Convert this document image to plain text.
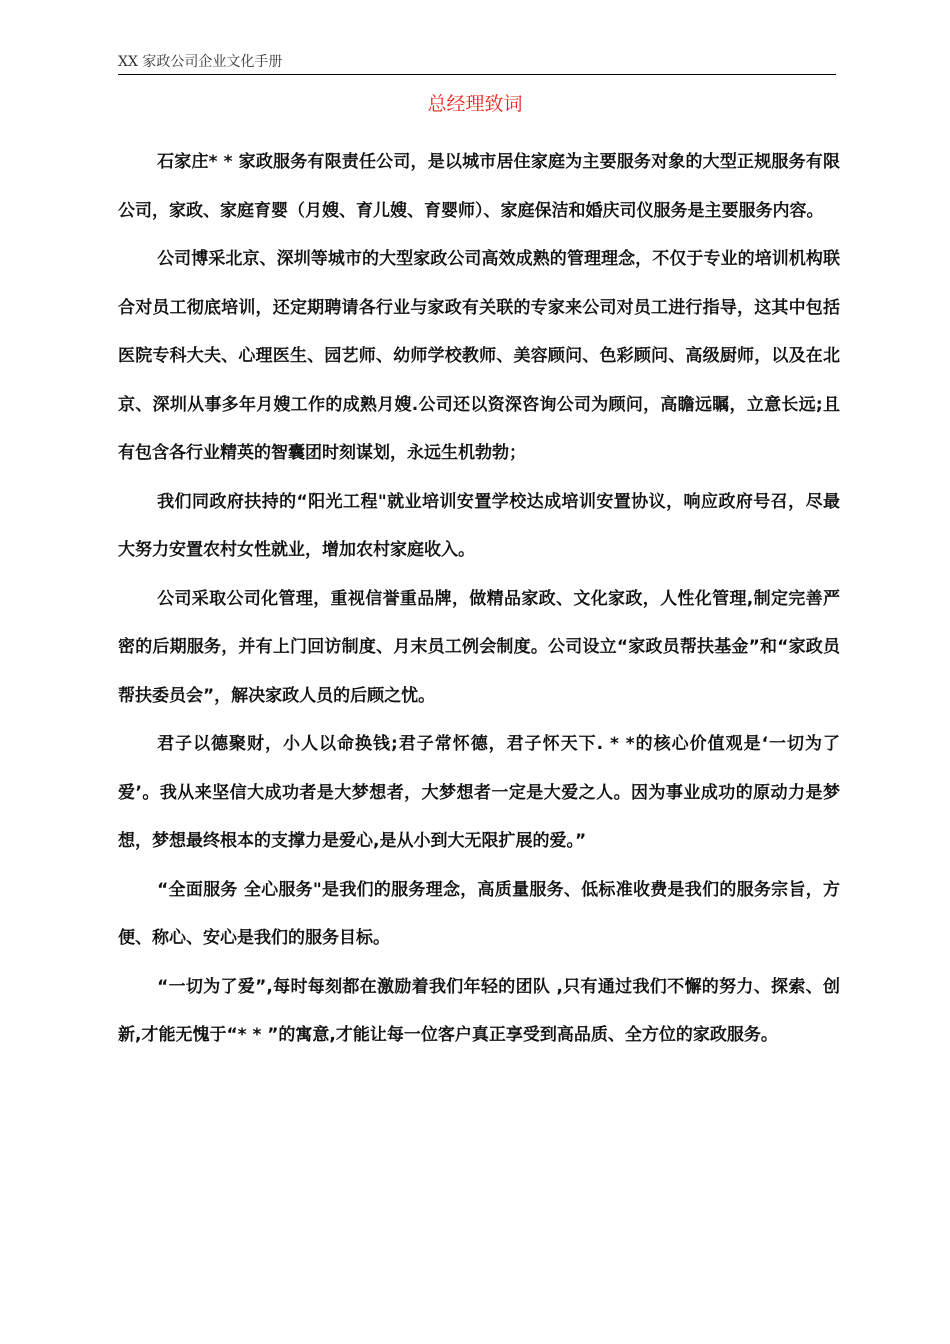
XX 家政公司企业文化手册
总经理致词

石家庄* * 家政服务有限责任公司，是以城市居住家庭为主要服务对象的大型正规服务有限公司，家政、家庭育婴（月嫂、育儿嫂、育婴师）、家庭保洁和婚庆司仪服务是主要服务内容。

公司博采北京、深圳等城市的大型家政公司高效成熟的管理理念，不仅于专业的培训机构联合对员工彻底培训，还定期聘请各行业与家政有关联的专家来公司对员工进行指导，这其中包括医院专科大夫、心理医生、园艺师、幼师学校教师、美容顾问、色彩顾问、高级厨师，以及在北京、深圳从事多年月嫂工作的成熟月嫂.公司还以资深咨询公司为顾问，高瞻远瞩，立意长远;且有包含各行业精英的智囊团时刻谋划，永远生机勃勃；

我们同政府扶持的“阳光工程"就业培训安置学校达成培训安置协议，响应政府号召，尽最大努力安置农村女性就业，增加农村家庭收入。

公司采取公司化管理，重视信誉重品牌，做精品家政、文化家政，人性化管理,制定完善严密的后期服务，并有上门回访制度、月末员工例会制度。公司设立“家政员帮扶基金”和“家政员帮扶委员会”，解决家政人员的后顾之忧。

君子以德聚财，小人以命换钱;君子常怀德，君子怀天下. * *的核心价值观是‘一切为了爱’。我从来坚信大成功者是大梦想者，大梦想者一定是大爱之人。因为事业成功的原动力是梦想，梦想最终根本的支撑力是爱心,是从小到大无限扩展的爱。”

“全面服务 全心服务"是我们的服务理念，高质量服务、低标准收费是我们的服务宗旨，方便、称心、安心是我们的服务目标。

“一切为了爱”,每时每刻都在激励着我们年轻的团队 ,只有通过我们不懈的努力、探索、创新,才能无愧于“* * ”的寓意,才能让每一位客户真正享受到高品质、全方位的家政服务。
